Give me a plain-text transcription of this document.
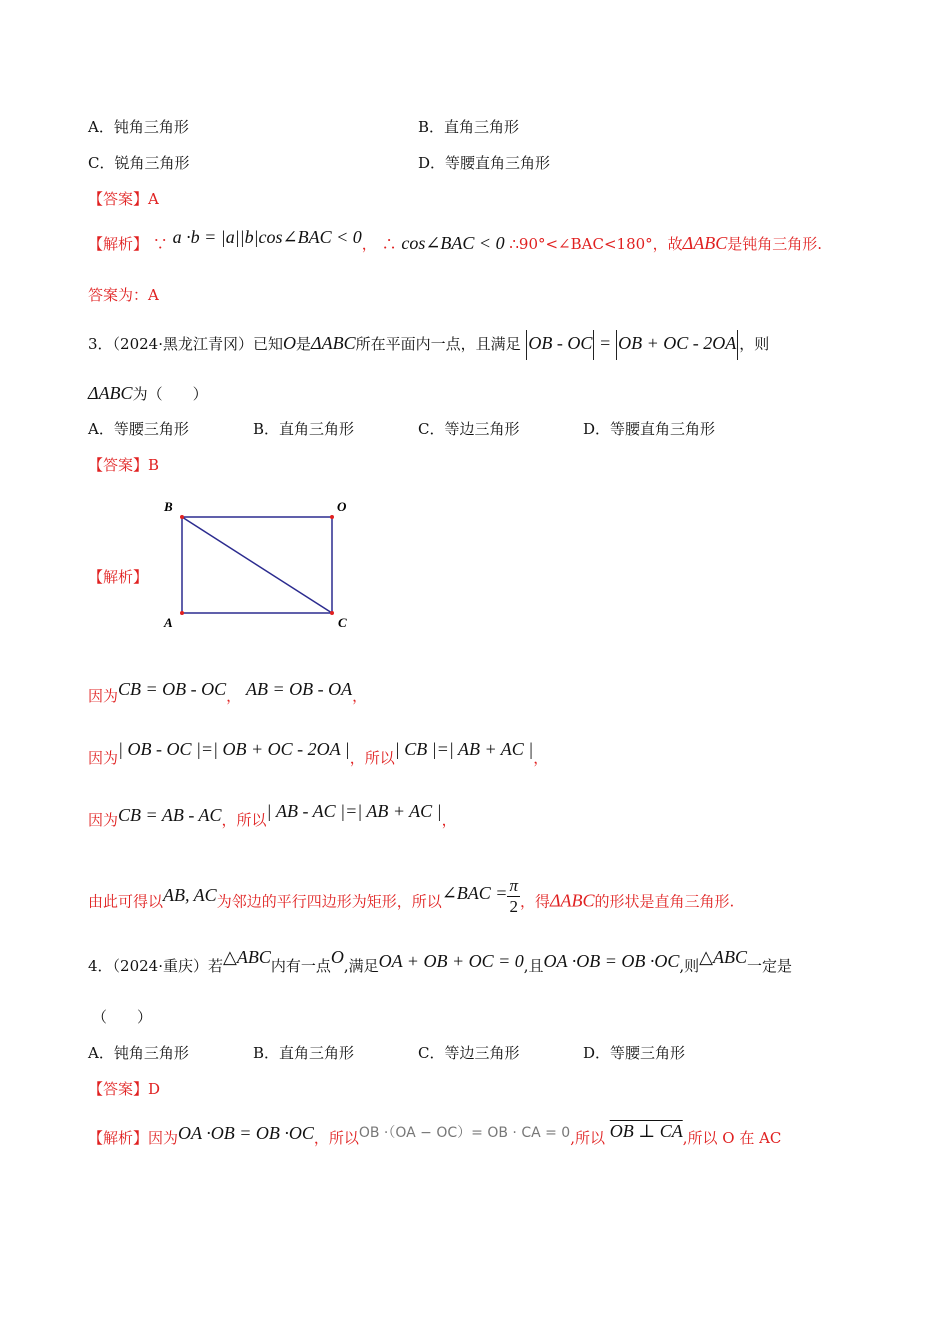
A．钝角三角形	B．直角三角形
C．锐角三角形	D．等腰直角三角形
【答案】A
【解析】 ∵ a ·b = |a||b|cos∠BAC < 0， ∴ cos∠BAC < 0 ∴90°<∠BAC<180°，故ΔABC是钝角三角形.
答案为：A
3．（2024·黑龙江青冈）已知O是ΔABC所在平面内一点，且满足 OB - OC = OB + OC - 2OA ，则
ΔABC为（　　）
A．等腰三角形	B．直角三角形	C．等边三角形	D．等腰直角三角形
【答案】B
【解析】
B	O
A	C
因为CB = OB - OC， AB = OB - OA，
因为| OB - OC |=| OB + OC - 2OA |，所以| CB |=| AB + AC |，
因为CB = AB - AC，所以| AB - AC |=| AB + AC |，
由此可得以AB, AC为邻边的平行四边形为矩形，所以∠BAC = $\frac{\pi}{2}$ ，得ΔABC的形状是直角三角形.
4．（2024·重庆）若△ABC内有一点O,满足OA + OB + OC = 0,且OA ·OB = OB ·OC,则△ABC一定是
（　　）
A．钝角三角形	B．直角三角形	C．等边三角形	D．等腰三角形
【答案】D
【解析】因为OA ·OB = OB ·OC，所以OB ·（OA − OC）= OB · CA = 0,所以 OB ⊥ CA,所以 O 在 AC
